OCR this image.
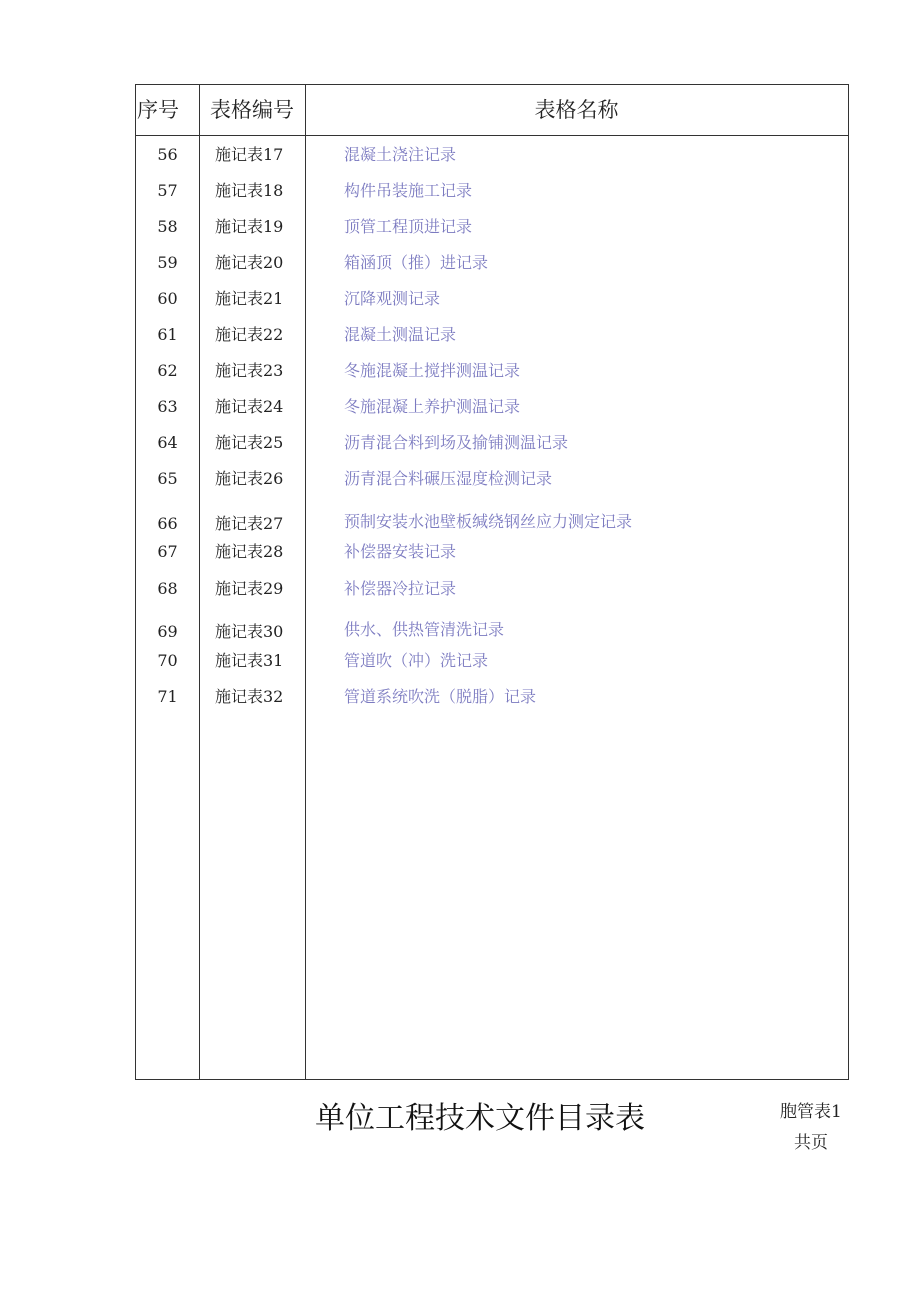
序号	表格编号	表格名称
56	施记表17	混凝土浇注记录
57	施记表18	构件吊装施工记录
58	施记表19	顶管工程顶进记录
59	施记表20	箱涵顶（推）进记录
60	施记表21	沉降观测记录
61	施记表22	混凝土测温记录
62	施记表23	冬施混凝土搅拌测温记录
63	施记表24	冬施混凝上养护测温记录
64	施记表25	沥青混合料到场及揄铺测温记录
65	施记表26	沥青混合料碾压湿度检测记录
66	施记表27	预制安装水池壁板缄绕钢丝应力测定记录
67	施记表28	补偿器安装记录
68	施记表29	补偿器冷拉记录
69	施记表30	供水、供热管清洗记录
70	施记表31	管道吹（冲）洗记录
71	施记表32	管道系统吹洗（脱脂）记录
单位工程技术文件目录表	胞管表1
共页
